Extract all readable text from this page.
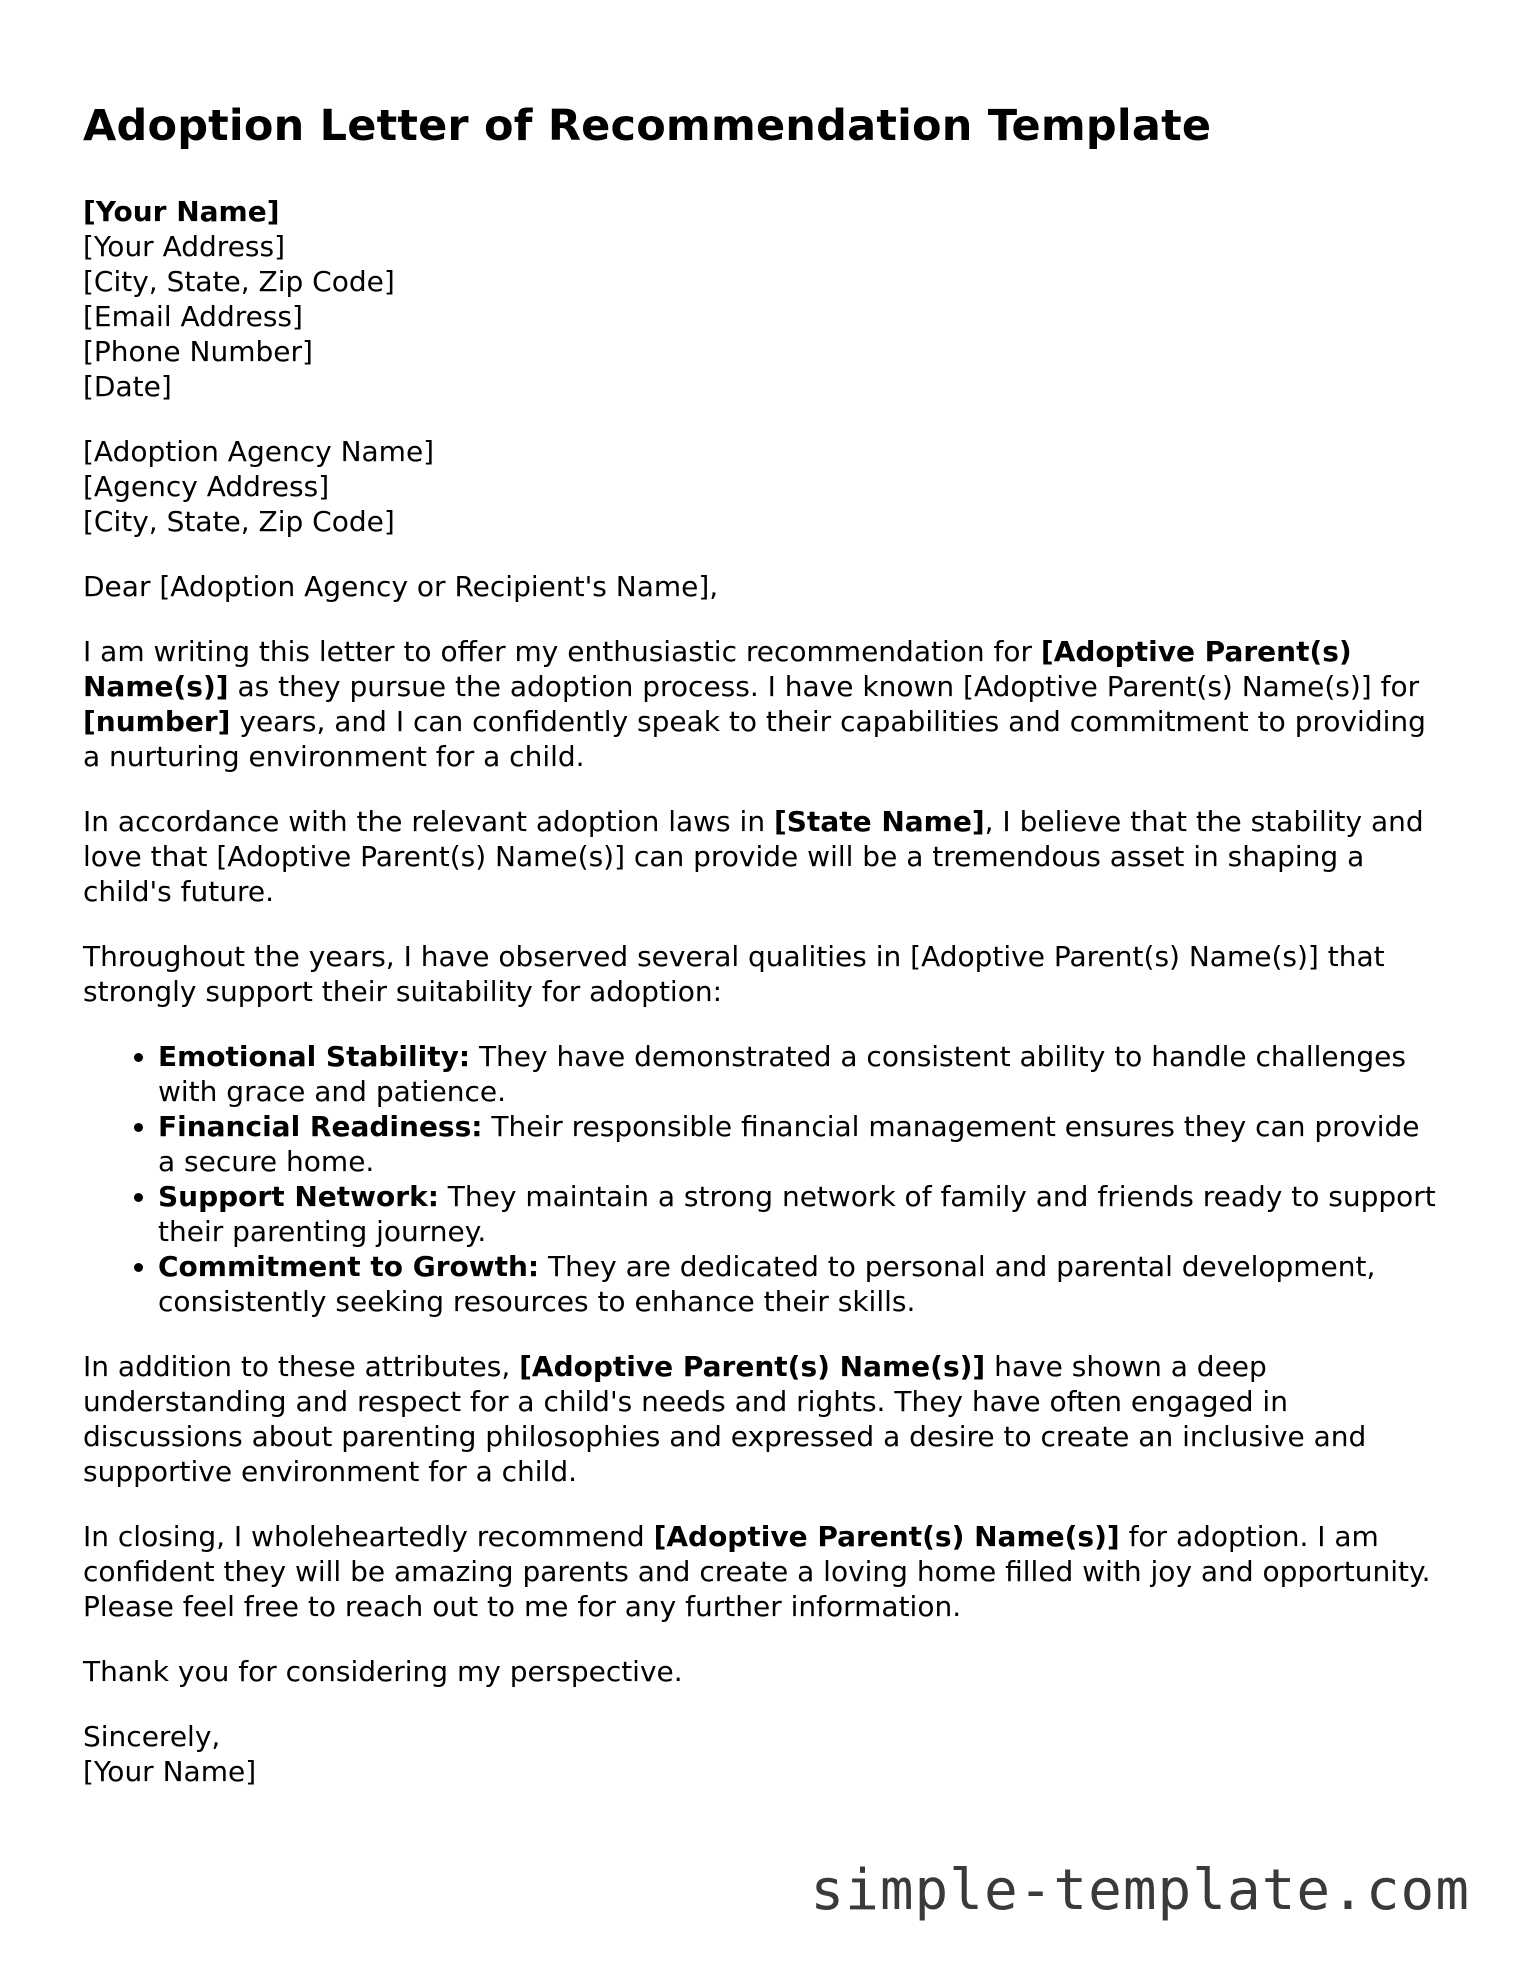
Adoption Letter of Recommendation Template
[Your Name]
[Your Address]
[City, State, Zip Code]
[Email Address]
[Phone Number]
[Date]
[Adoption Agency Name]
[Agency Address]
[City, State, Zip Code]

Dear [Adoption Agency or Recipient's Name],

I am writing this letter to offer my enthusiastic recommendation for [Adoptive Parent(s) Name(s)] as they pursue the adoption process. I have known [Adoptive Parent(s) Name(s)] for [number] years, and I can confidently speak to their capabilities and commitment to providing a nurturing environment for a child.

In accordance with the relevant adoption laws in [State Name], I believe that the stability and love that [Adoptive Parent(s) Name(s)] can provide will be a tremendous asset in shaping a child's future.

Throughout the years, I have observed several qualities in [Adoptive Parent(s) Name(s)] that strongly support their suitability for adoption:

• Emotional Stability: They have demonstrated a consistent ability to handle challenges with grace and patience.
• Financial Readiness: Their responsible financial management ensures they can provide a secure home.
• Support Network: They maintain a strong network of family and friends ready to support their parenting journey.
• Commitment to Growth: They are dedicated to personal and parental development, consistently seeking resources to enhance their skills.

In addition to these attributes, [Adoptive Parent(s) Name(s)] have shown a deep understanding and respect for a child's needs and rights. They have often engaged in discussions about parenting philosophies and expressed a desire to create an inclusive and supportive environment for a child.

In closing, I wholeheartedly recommend [Adoptive Parent(s) Name(s)] for adoption. I am confident they will be amazing parents and create a loving home filled with joy and opportunity. Please feel free to reach out to me for any further information.

Thank you for considering my perspective.

Sincerely,
[Your Name]
simple-template.com
